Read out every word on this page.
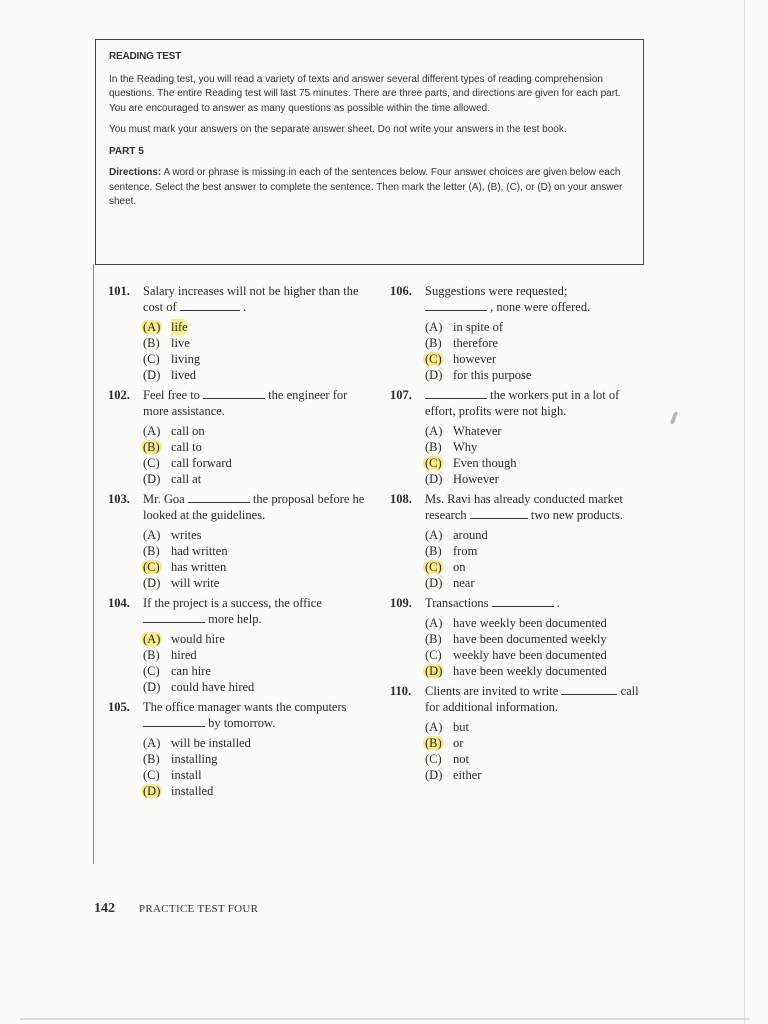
READING TEST

In the Reading test, you will read a variety of texts and answer several different types of reading comprehension questions. The entire Reading test will last 75 minutes. There are three parts, and directions are given for each part. You are encouraged to answer as many questions as possible within the time allowed.

You must mark your answers on the separate answer sheet. Do not write your answers in the test book.

PART 5

Directions: A word or phrase is missing in each of the sentences below. Four answer choices are given below each sentence. Select the best answer to complete the sentence. Then mark the letter (A), (B), (C), or (D) on your answer sheet.

101.	Salary increases will not be higher than the cost of	.
(A) life
(B) live
(C) living
(D) lived
102.	Feel free to	the engineer for more assistance.
(A) call on
(B) call to
(C) call forward
(D) call at
103.	Mr. Goa	the proposal before he looked at the guidelines.
(A) writes
(B) had written
(C) has written
(D) will write
104.	If the project is a success, the office  more help.
(A) would hire
(B) hired
(C) can hire
(D) could have hired
105.	The office manager wants the computers  by tomorrow.
(A) will be installed
(B) installing
(C) install
(D) installed
106.	Suggestions were requested;
, none were offered.
(A) in spite of
(B) therefore
(C) however
(D) for this purpose
107.	the workers put in a lot of effort, profits were not high.
(A) Whatever
(B) Why
(C) Even though
(D) However
108.	Ms. Ravi has already conducted market research	two new products.
(A) around
(B) from
(C) on
(D) near
109.	Transactions	.
(A) have weekly been documented
(B) have been documented weekly
(C) weekly have been documented
(D) have been weekly documented
110.	Clients are invited to write	call for additional information.
(A) but
(B) or
(C) not
(D) either
142 PRACTICE TEST FOUR
